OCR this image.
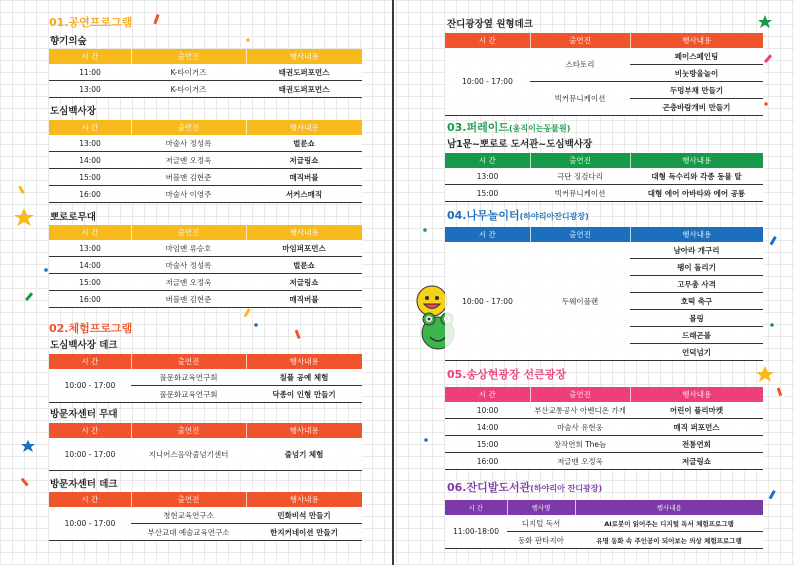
01.공연프로그램
향기의숲
시 간	출연진	행사내용
11:00	K-타이거즈	태권도퍼포먼스
13:00	K-타이거즈	태권도퍼포먼스
도심백사장
시 간	출연진	행사내용
13:00	마술사 정성록	벌룬쇼
14:00	저글맨 오정욱	저글링쇼
15:00	버블맨 김현준	매직버블
16:00	마술사 이영주	서커스매직
뽀로로무대
시 간	출연진	행사내용
13:00	마임맨 류승호	마임퍼포먼스
14:00	마술사 정성록	벌룬쇼
15:00	저글맨 오정욱	저글링쇼
16:00	버블맨 김현준	매직버블
02.체험프로그램
도심백사장 데크
시 간	출연진	행사내용
10:00 - 17:00	풀문화교육연구회	칠플 공예 체험
	풀문화교육연구회	닥종이 인형 만들기
방문자센터 무대
시 간	출연진	행사내용
10:00 - 17:00	지니어스음악줄넘기센터	줄넘기 체험
방문자센터 데크
시 간	출연진	행사내용
10:00 - 17:00	청현교육연구소	민화비석 만들기
	부산교대 예술교육연구소	한지커네이션 만들기
잔디광장옆 원형데크
시 간	출연진	행사내용
10:00 - 17:00	스타토리	페이스페인팅
		비눗방울놀이
	빅커뮤니케이션	두멍부채 만들기
		곤충바람개비 만들기
03.퍼레이드(움직이는동물원)
남1문~뽀로로 도서관~도심백사장
시 간	출연진	행사내용
13:00	극단 징검다리	대형 독수리와 각종 동물 탈
15:00	빅커뮤니케이션	대형 에어 아바타와 에어 공룡
04.나무놀이터(하야리아잔디광장)
시 간	출연진	행사내용
10:00 - 17:00	두웨이플랜	남아라 개구리
		팽이 돌리기
		고무총 사격
		호떡 축구
		볼링
		드래곤볼
		언덕넘기
05.송상현광장 선큰광장
시 간	출연진	행사내용
10:00	부산교통공사 아벤디온 가게	어린이 플리마켓
14:00	마술사 유현웅	매직 퍼포먼스
15:00	창작연희 The늠	전통연희
16:00	저글맨 오정욱	저글링쇼
06.잔디발도서관(하야리아 잔디광장)
시 간	행사명	행사내용
11:00-18:00	디지털 독서	AI로봇이 읽어주는 디지털 독서 체험프로그램
	동화 판타지아	유명 동화 속 주인공이 되어보는 의상 체험프로그램
